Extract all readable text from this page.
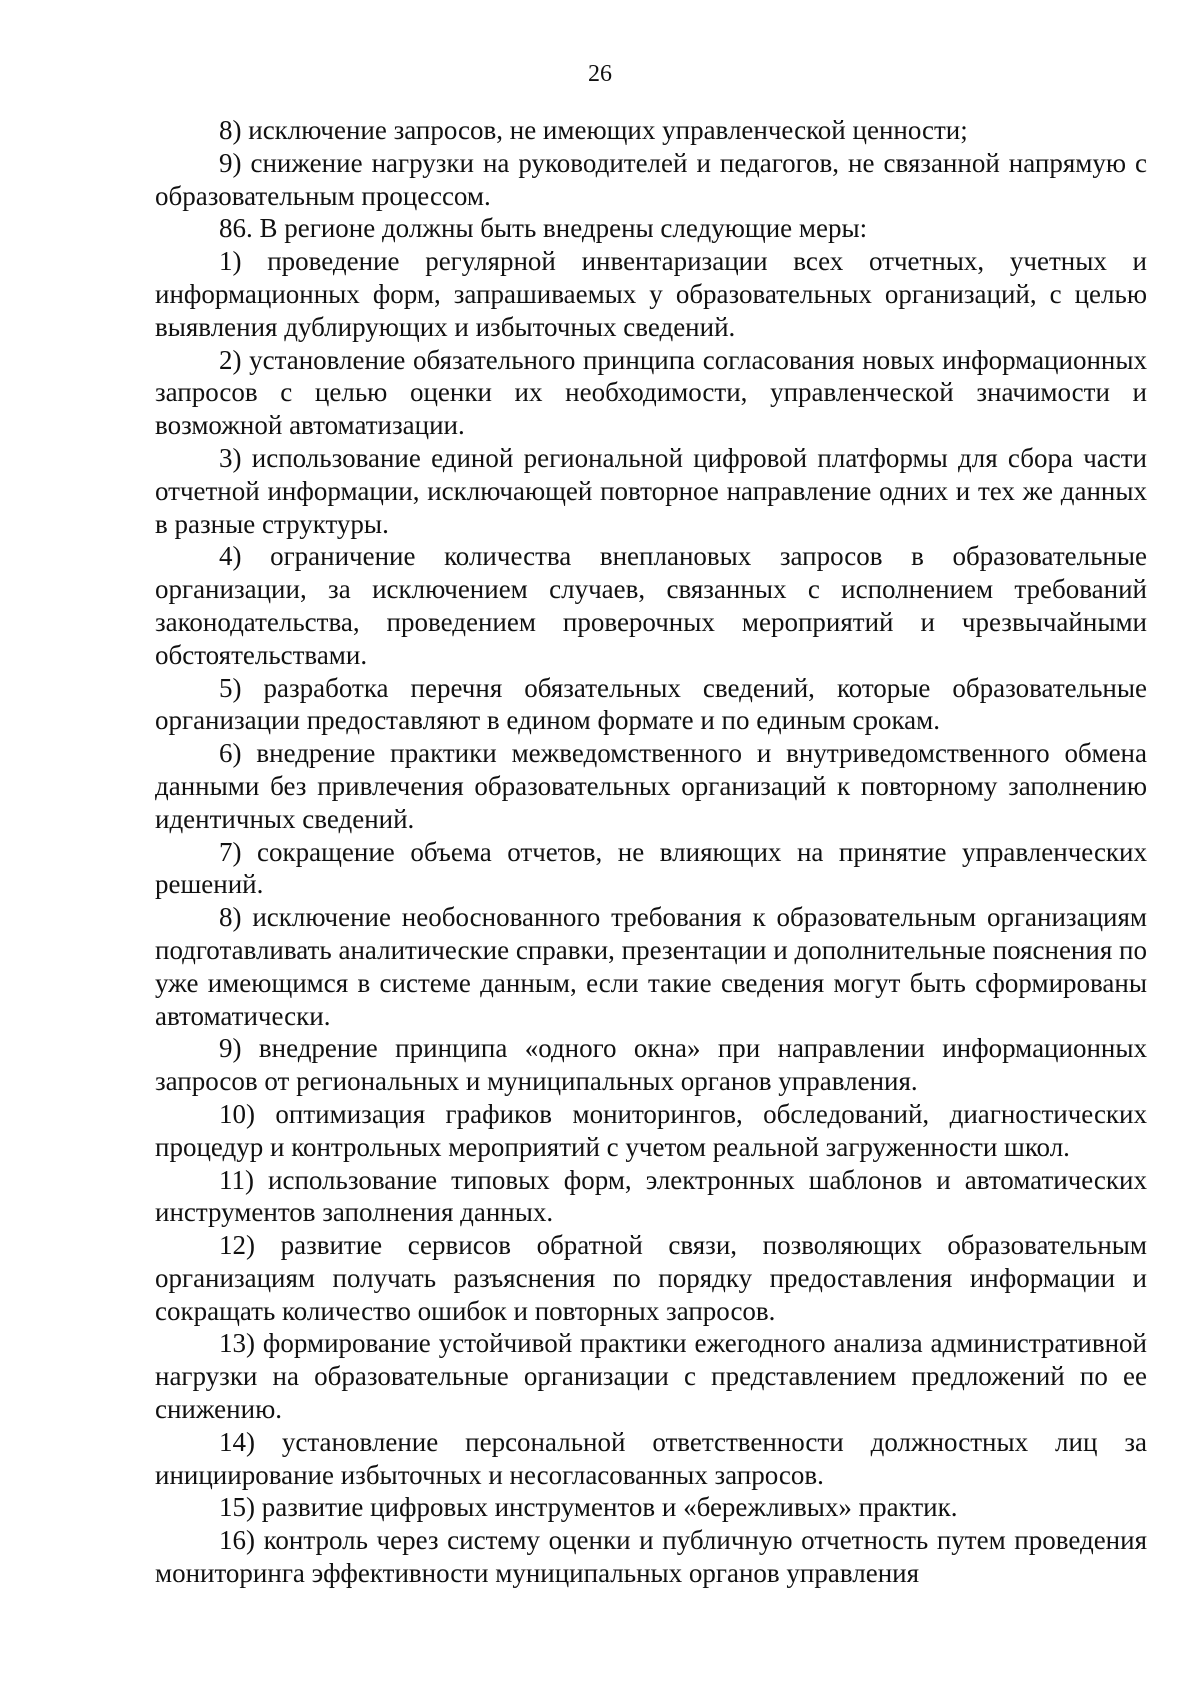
26

8) исключение запросов, не имеющих управленческой ценности;

9) снижение нагрузки на руководителей и педагогов, не связанной напрямую с образовательным процессом.

86. В регионе должны быть внедрены следующие меры:

1) проведение регулярной инвентаризации всех отчетных, учетных и информационных форм, запрашиваемых у образовательных организаций, с целью выявления дублирующих и избыточных сведений.

2) установление обязательного принципа согласования новых информационных запросов с целью оценки их необходимости, управленческой значимости и возможной автоматизации.

3) использование единой региональной цифровой платформы для сбора части отчетной информации, исключающей повторное направление одних и тех же данных в разные структуры.

4) ограничение количества внеплановых запросов в образовательные организации, за исключением случаев, связанных с исполнением требований законодательства, проведением проверочных мероприятий и чрезвычайными обстоятельствами.

5) разработка перечня обязательных сведений, которые образовательные организации предоставляют в едином формате и по единым срокам.

6) внедрение практики межведомственного и внутриведомственного обмена данными без привлечения образовательных организаций к повторному заполнению идентичных сведений.

7) сокращение объема отчетов, не влияющих на принятие управленческих решений.

8) исключение необоснованного требования к образовательным организациям подготавливать аналитические справки, презентации и дополнительные пояснения по уже имеющимся в системе данным, если такие сведения могут быть сформированы автоматически.

9) внедрение принципа «одного окна» при направлении информационных запросов от региональных и муниципальных органов управления.

10) оптимизация графиков мониторингов, обследований, диагностических процедур и контрольных мероприятий с учетом реальной загруженности школ.

11) использование типовых форм, электронных шаблонов и автоматических инструментов заполнения данных.

12) развитие сервисов обратной связи, позволяющих образовательным организациям получать разъяснения по порядку предоставления информации и сокращать количество ошибок и повторных запросов.

13) формирование устойчивой практики ежегодного анализа административной нагрузки на образовательные организации с представлением предложений по ее снижению.

14) установление персональной ответственности должностных лиц за инициирование избыточных и несогласованных запросов.

15) развитие цифровых инструментов и «бережливых» практик.

16) контроль через систему оценки и публичную отчетность путем проведения мониторинга эффективности муниципальных органов управления
